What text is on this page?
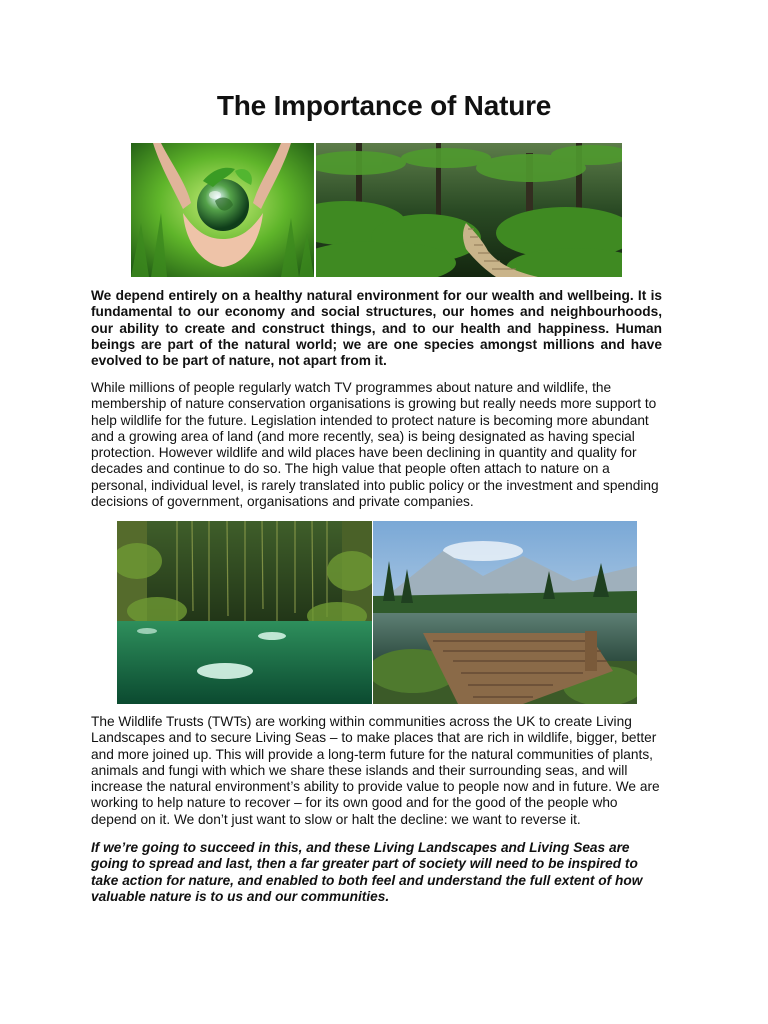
The Importance of Nature

We depend entirely on a healthy natural environment for our wealth and wellbeing. It is fundamental to our economy and social structures, our homes and neighbourhoods, our ability to create and construct things, and to our health and happiness. Human beings are part of the natural world; we are one species amongst millions and have evolved to be part of nature, not apart from it.

While millions of people regularly watch TV programmes about nature and wildlife, the membership of nature conservation organisations is growing but really needs more support to help wildlife for the future. Legislation intended to protect nature is becoming more abundant and a growing area of land (and more recently, sea) is being designated as having special protection. However wildlife and wild places have been declining in quantity and quality for decades and continue to do so. The high value that people often attach to nature on a personal, individual level, is rarely translated into public policy or the investment and spending decisions of government, organisations and private companies.

The Wildlife Trusts (TWTs) are working within communities across the UK to create Living Landscapes and to secure Living Seas – to make places that are rich in wildlife, bigger, better and more joined up. This will provide a long-term future for the natural communities of plants, animals and fungi with which we share these islands and their surrounding seas, and will increase the natural environment’s ability to provide value to people now and in future. We are working to help nature to recover – for its own good and for the good of the people who depend on it. We don’t just want to slow or halt the decline: we want to reverse it.

If we’re going to succeed in this, and these Living Landscapes and Living Seas are going to spread and last, then a far greater part of society will need to be inspired to take action for nature, and enabled to both feel and understand the full extent of how valuable nature is to us and our communities.
